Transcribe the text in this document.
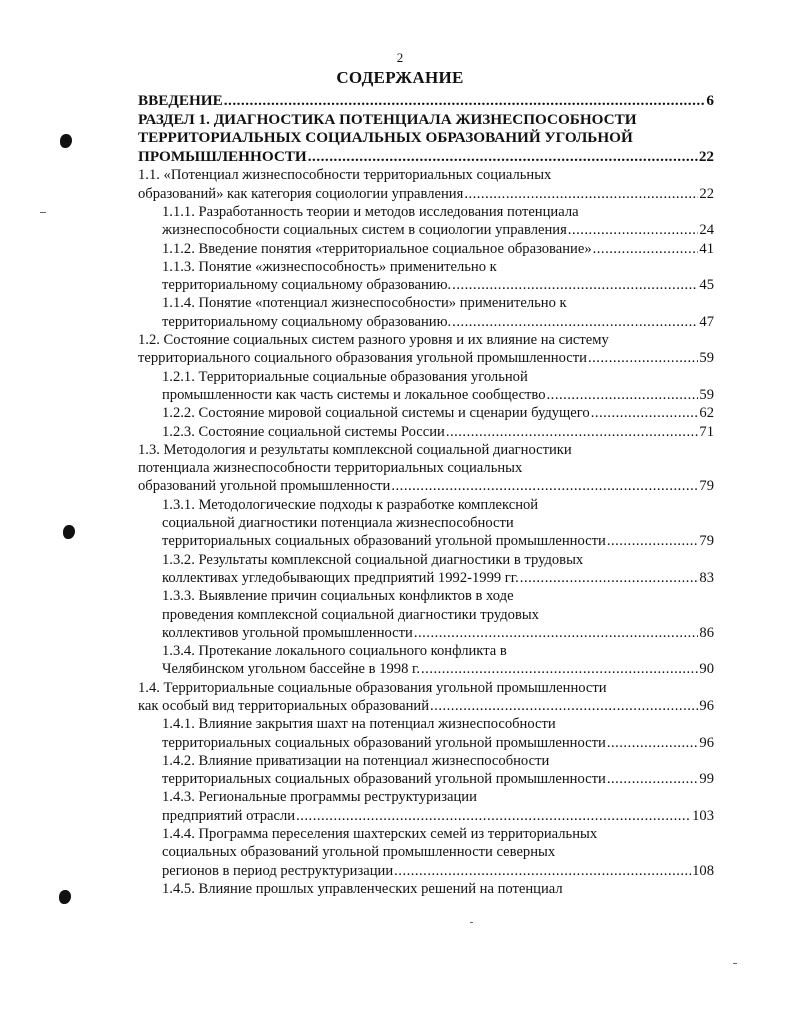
2
СОДЕРЖАНИЕ
ВВЕДЕНИЕ .....	6
РАЗДЕЛ 1. ДИАГНОСТИКА ПОТЕНЦИАЛА ЖИЗНЕСПОСОБНОСТИ
ТЕРРИТОРИАЛЬНЫХ СОЦИАЛЬНЫХ ОБРАЗОВАНИЙ УГОЛЬНОЙ
ПРОМЫШЛЕННОСТИ .....	22
1.1. «Потенциал жизнеспособности территориальных социальных
образований» как категория социологии управления .....	22
1.1.1. Разработанность теории и методов исследования потенциала
жизнеспособности социальных систем в социологии управления .....	24
1.1.2. Введение понятия «территориальное социальное образование» .....	41
1.1.3. Понятие «жизнеспособность» применительно к
территориальному социальному образованию. .....	45
1.1.4. Понятие «потенциал жизнеспособности» применительно к
территориальному социальному образованию. .....	47
1.2. Состояние социальных систем разного уровня и их влияние на систему
территориального социального образования угольной промышленности .....	59
1.2.1. Территориальные социальные образования угольной
промышленности как часть системы и локальное сообщество .....	59
1.2.2. Состояние мировой социальной системы и сценарии будущего .....	62
1.2.3. Состояние социальной системы России .....	71
1.3. Методология и результаты комплексной социальной диагностики
потенциала жизнеспособности территориальных социальных
образований угольной промышленности .....	79
1.3.1. Методологические подходы к разработке комплексной
социальной диагностики потенциала жизнеспособности
территориальных социальных образований угольной промышленности .....	79
1.3.2. Результаты комплексной социальной диагностики в трудовых
коллективах угледобывающих предприятий 1992-1999 гг. .....	83
1.3.3. Выявление причин социальных конфликтов в ходе
проведения комплексной социальной диагностики трудовых
коллективов угольной промышленности .....	86
1.3.4. Протекание локального социального конфликта в
Челябинском угольном бассейне в 1998 г. .....	90
1.4. Территориальные социальные образования угольной промышленности
как особый вид территориальных образований .....	96
1.4.1. Влияние закрытия шахт на потенциал жизнеспособности
территориальных социальных образований угольной промышленности .....	96
1.4.2. Влияние приватизации на потенциал жизнеспособности
территориальных социальных образований угольной промышленности .....	99
1.4.3. Региональные программы реструктуризации
предприятий отрасли .....	103
1.4.4. Программа переселения шахтерских семей из территориальных
социальных образований угольной промышленности северных
регионов в период реструктуризации .....	108
1.4.5. Влияние прошлых управленческих решений на потенциал
